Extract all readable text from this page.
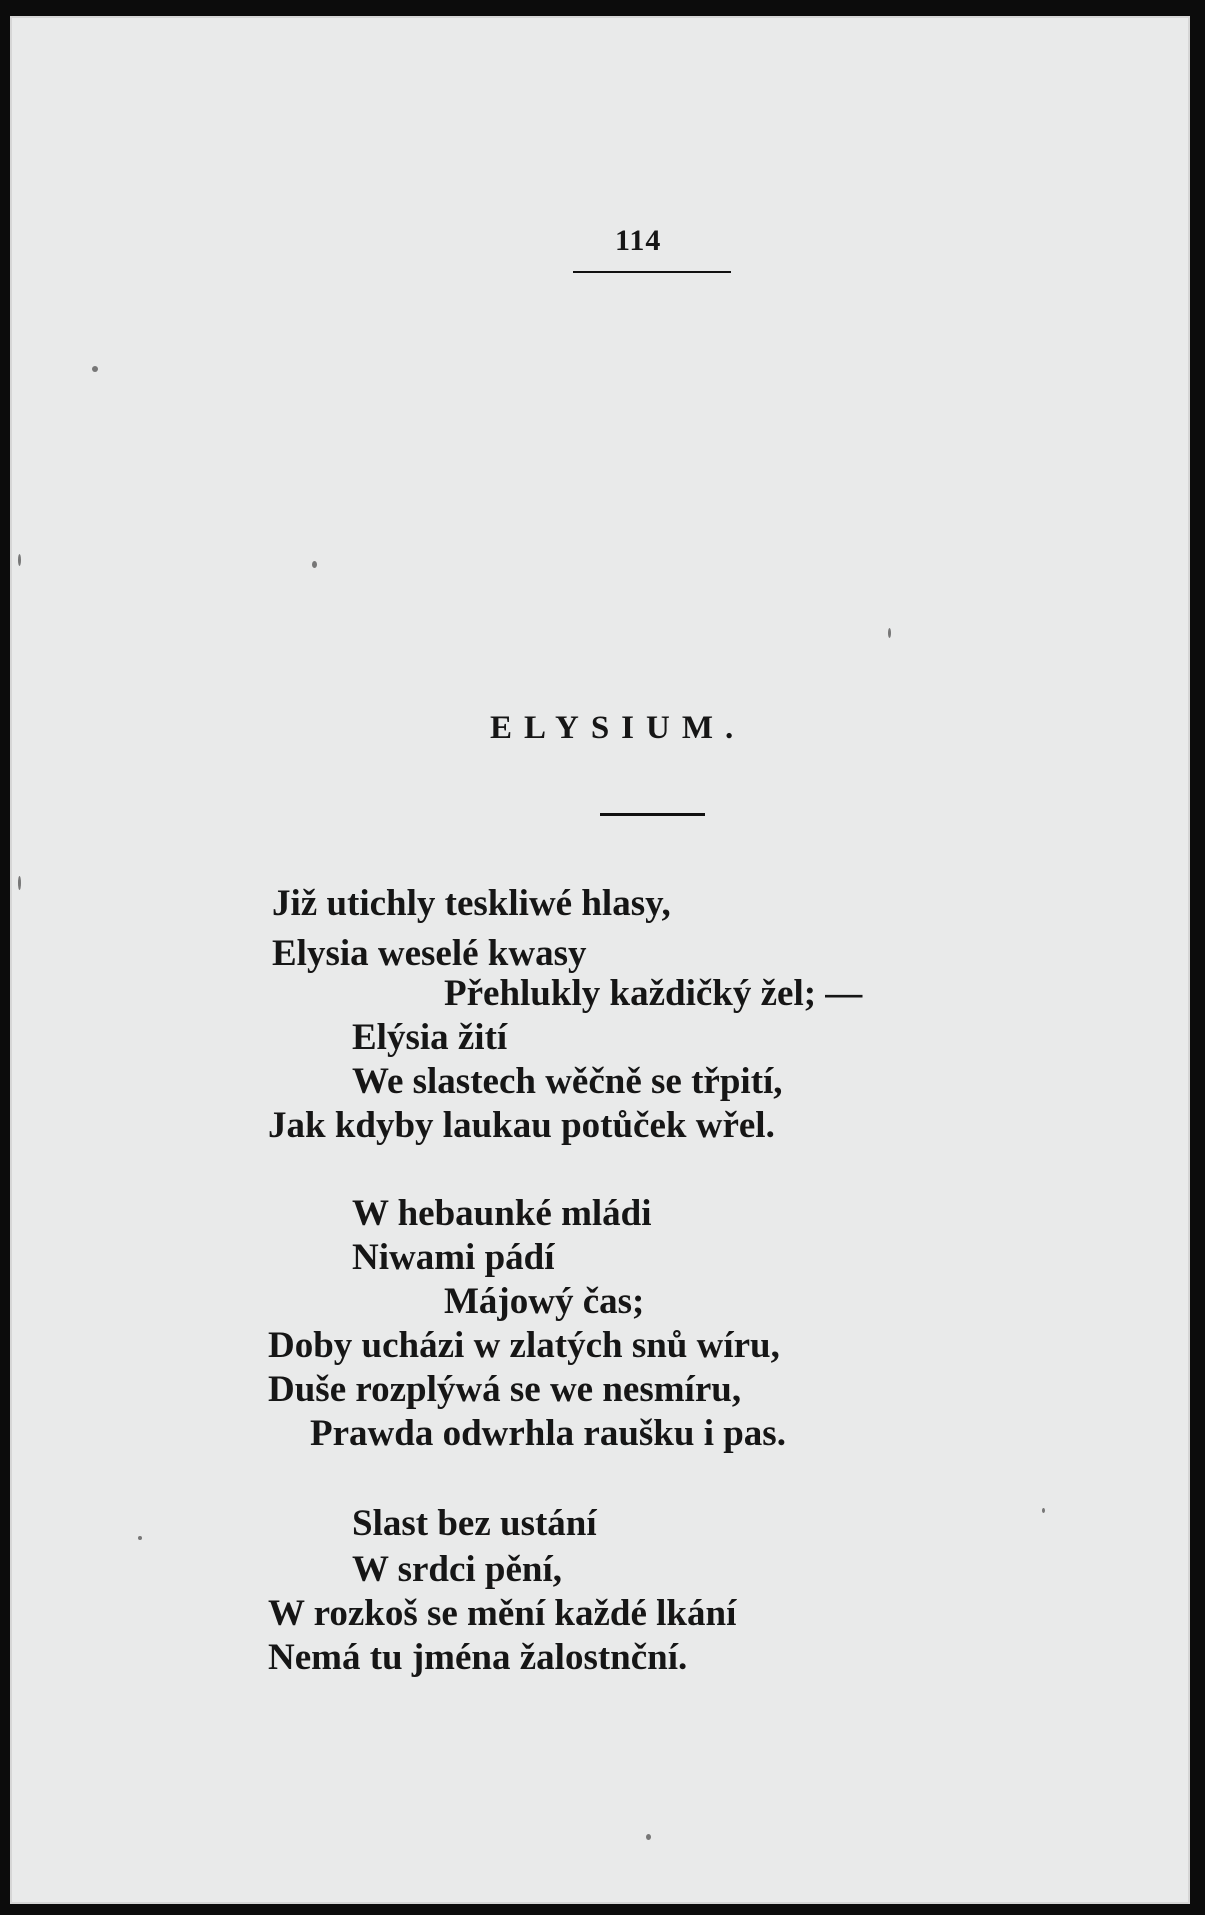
114
ELYSIUM.
Již utichly teskliwé hlasy,
Elysia weselé kwasy
Přehlukly každičký žel; —
Elýsia žití
We slastech wěčně se třpití,
Jak kdyby laukau potůček wřel.
W hebaunké mládi
Niwami pádí
Májowý čas;
Doby ucházi w zlatých snů wíru,
Duše rozplýwá se we nesmíru,
Prawda odwrhla raušku i pas.
Slast bez ustání
W srdci pění,
W rozkoš se mění každé lkání
Nemá tu jména žalostnční.
